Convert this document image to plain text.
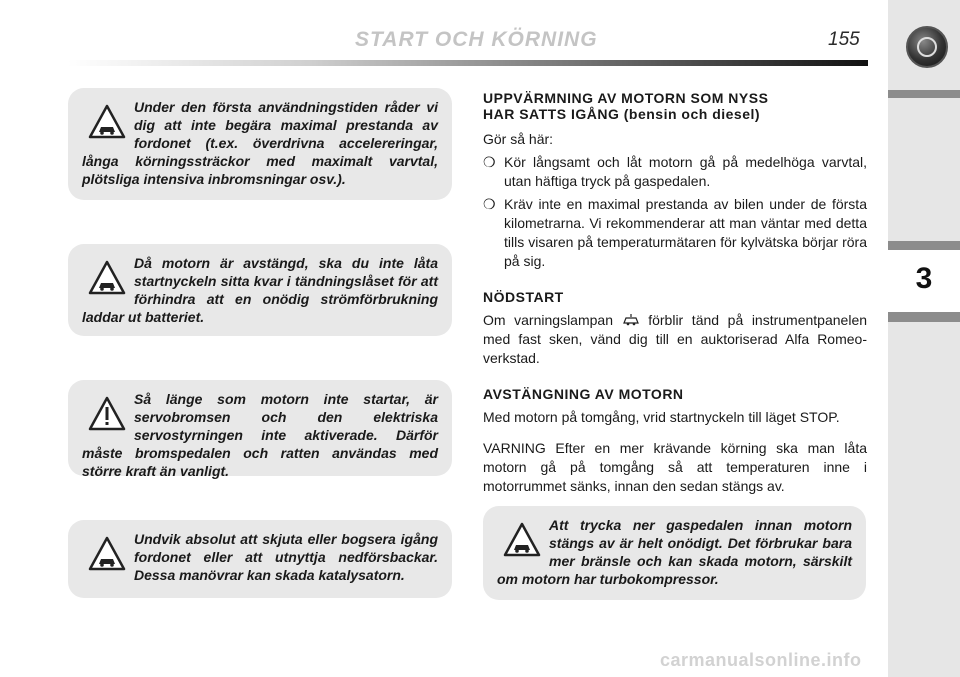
START OCH KÖRNING	155
3

Under den första användningstiden råder vi dig att inte begära maximal prestanda av fordonet (t.ex. överdrivna accelereringar, långa körningssträckor med maximalt varvtal, plötsliga intensiva inbromsningar osv.).

Då motorn är avstängd, ska du inte låta startnyckeln sitta kvar i tändningslåset för att förhindra att en onödig strömförbrukning laddar ut batteriet.

Så länge som motorn inte startar, är servobromsen och den elektriska servostyrningen inte aktiverade. Därför måste bromspedalen och ratten användas med större kraft än vanligt.

Undvik absolut att skjuta eller bogsera igång fordonet eller att utnyttja nedförsbackar. Dessa manövrar kan skada katalysatorn.

UPPVÄRMNING AV MOTORN SOM NYSS
HAR SATTS IGÅNG (bensin och diesel)

Gör så här:

❍ Kör långsamt och låt motorn gå på medelhöga varvtal, utan häftiga tryck på gaspedalen.
❍ Kräv inte en maximal prestanda av bilen under de första kilometrarna. Vi rekommenderar att man väntar med detta tills visaren på temperaturmätaren för kylvätska börjar röra på sig.
NÖDSTART

Om varningslampan	förblir tänd på instrumentpanelen med fast sken, vänd dig till en auktoriserad Alfa Romeo-verkstad.

AVSTÄNGNING AV MOTORN

Med motorn på tomgång, vrid startnyckeln till läget STOP.

VARNING Efter en mer krävande körning ska man låta motorn gå på tomgång så att temperaturen inne i motorrummet sänks, innan den sedan stängs av.

Att trycka ner gaspedalen innan motorn stängs av är helt onödigt. Det förbrukar bara mer bränsle och kan skada motorn, särskilt om motorn har turbokompressor.

carmanualsonline.info
